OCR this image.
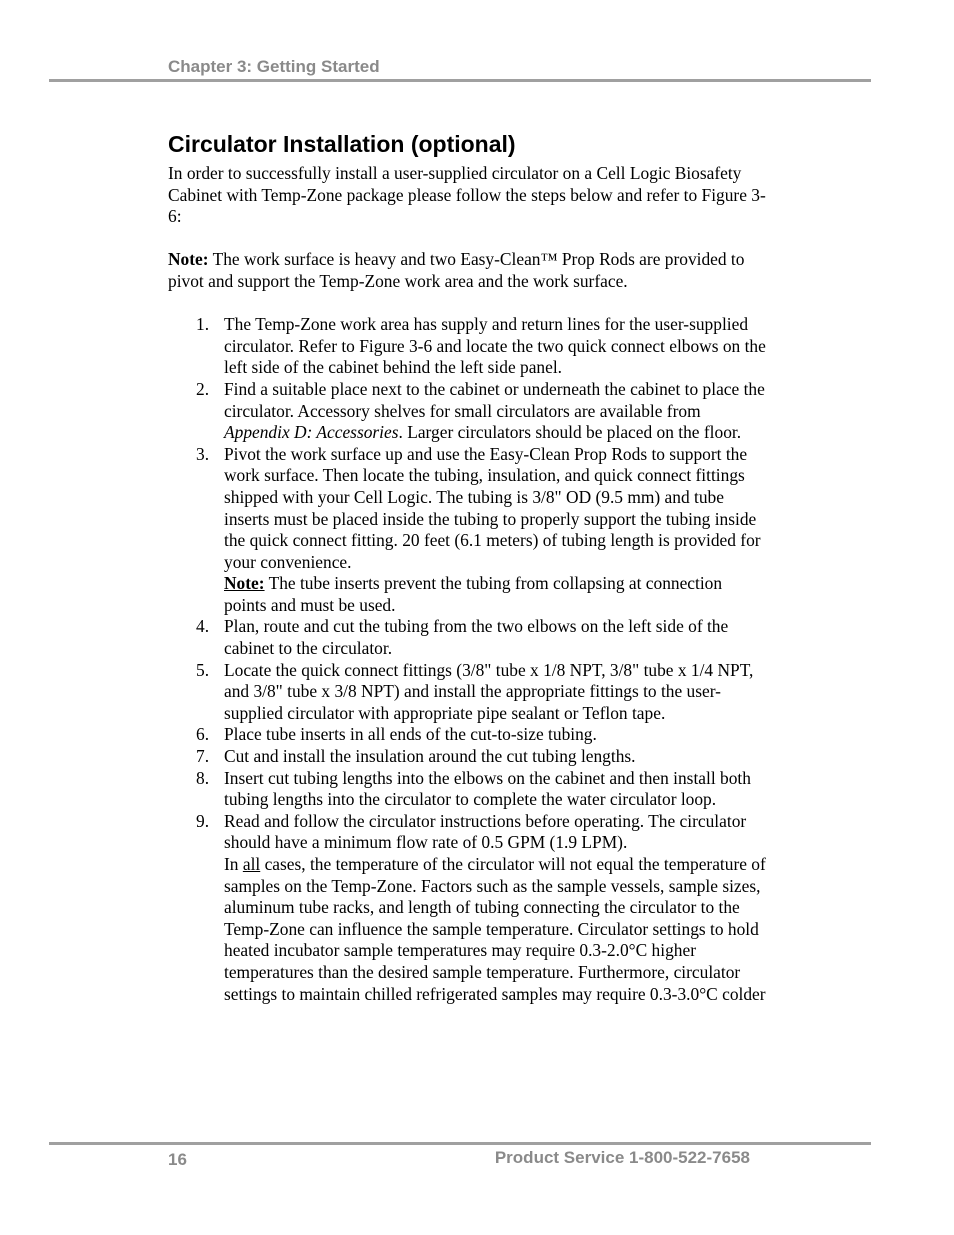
Chapter 3: Getting Started
Circulator Installation (optional)

In order to successfully install a user-supplied circulator on a Cell Logic Biosafety Cabinet with Temp-Zone package please follow the steps below and refer to Figure 3-6:

Note: The work surface is heavy and two Easy-Clean™ Prop Rods are provided to pivot and support the Temp-Zone work area and the work surface.

1. The Temp-Zone work area has supply and return lines for the user-supplied circulator. Refer to Figure 3-6 and locate the two quick connect elbows on the left side of the cabinet behind the left side panel.
2. Find a suitable place next to the cabinet or underneath the cabinet to place the circulator. Accessory shelves for small circulators are available from Appendix D: Accessories. Larger circulators should be placed on the floor.
3. Pivot the work surface up and use the Easy-Clean Prop Rods to support the work surface. Then locate the tubing, insulation, and quick connect fittings shipped with your Cell Logic. The tubing is 3/8" OD (9.5 mm) and tube inserts must be placed inside the tubing to properly support the tubing inside the quick connect fitting. 20 feet (6.1 meters) of tubing length is provided for your convenience.
Note: The tube inserts prevent the tubing from collapsing at connection points and must be used.
4. Plan, route and cut the tubing from the two elbows on the left side of the cabinet to the circulator.
5. Locate the quick connect fittings (3/8" tube x 1/8 NPT, 3/8" tube x 1/4 NPT, and 3/8" tube x 3/8 NPT) and install the appropriate fittings to the user-supplied circulator with appropriate pipe sealant or Teflon tape.
6. Place tube inserts in all ends of the cut-to-size tubing.
7. Cut and install the insulation around the cut tubing lengths.
8. Insert cut tubing lengths into the elbows on the cabinet and then install both tubing lengths into the circulator to complete the water circulator loop.
9. Read and follow the circulator instructions before operating. The circulator should have a minimum flow rate of 0.5 GPM (1.9 LPM).
In all cases, the temperature of the circulator will not equal the temperature of samples on the Temp-Zone. Factors such as the sample vessels, sample sizes, aluminum tube racks, and length of tubing connecting the circulator to the Temp-Zone can influence the sample temperature. Circulator settings to hold heated incubator sample temperatures may require 0.3-2.0°C higher temperatures than the desired sample temperature. Furthermore, circulator settings to maintain chilled refrigerated samples may require 0.3-3.0°C colder
16	Product Service 1-800-522-7658
